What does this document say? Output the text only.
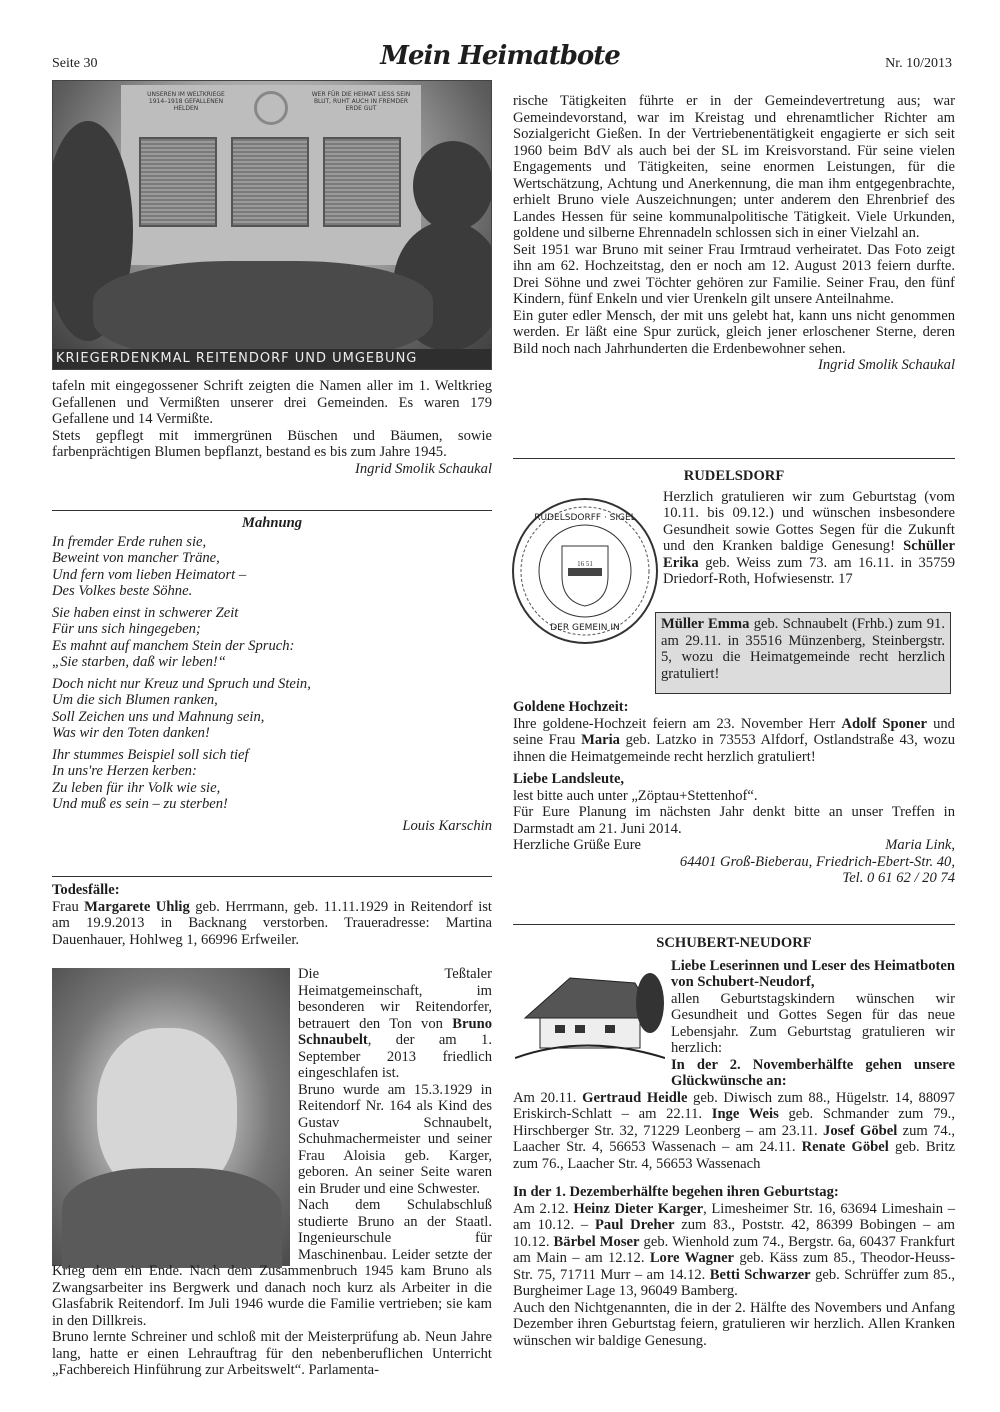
Seite 30	Mein Heimatbote	Nr. 10/2013
UNSEREN IM WELTKRIEGE 1914–1918 GEFALLENEN HELDEN
WER FÜR DIE HEIMAT LIESS SEIN BLUT, RUHT AUCH IN FREMDER ERDE GUT
KRIEGERDENKMAL REITENDORF UND UMGEBUNG

tafeln mit eingegossener Schrift zeigten die Namen aller im 1. Weltkrieg Gefallenen und Vermißten unserer drei Gemeinden. Es waren 179 Gefallene und 14 Vermißte.

Stets gepflegt mit immergrünen Büschen und Bäumen, sowie farbenprächtigen Blumen bepflanzt, bestand es bis zum Jahre 1945.

Ingrid Smolik Schaukal

Mahnung

In fremder Erde ruhen sie,
Beweint von mancher Träne,
Und fern vom lieben Heimatort –
Des Volkes beste Söhne.
Sie haben einst in schwerer Zeit
Für uns sich hingegeben;
Es mahnt auf manchem Stein der Spruch:
„Sie starben, daß wir leben!“
Doch nicht nur Kreuz und Spruch und Stein,
Um die sich Blumen ranken,
Soll Zeichen uns und Mahnung sein,
Was wir den Toten danken!
Ihr stummes Beispiel soll sich tief
In uns're Herzen kerben:
Zu leben für ihr Volk wie sie,
Und muß es sein – zu sterben!

Louis Karschin

Todesfälle:

Frau Margarete Uhlig geb. Herrmann, geb. 11.11.1929 in Reitendorf ist am 19.9.2013 in Backnang verstorben. Traueradresse: Martina Dauenhauer, Hohlweg 1, 66996 Erfweiler.

Die Teßtaler Heimatgemeinschaft, im besonderen wir Reitendorfer, betrauert den Ton von Bruno Schnaubelt, der am 1. September 2013 friedlich eingeschlafen ist.

Bruno wurde am 15.3.1929 in Reitendorf Nr. 164 als Kind des Gustav Schnaubelt, Schuhmachermeister und seiner Frau Aloisia geb. Karger, geboren. An seiner Seite waren ein Bruder und eine Schwester.

Nach dem Schulabschluß studierte Bruno an der Staatl. Ingenieurschule für Maschinenbau. Leider setzte der Krieg dem ein Ende. Nach dem Zusammenbruch 1945 kam Bruno als Zwangsarbeiter ins Bergwerk und danach noch kurz als Arbeiter in die Glasfabrik Reitendorf. Im Juli 1946 wurde die Familie vertrieben; sie kam in den Dillkreis.

Bruno lernte Schreiner und schloß mit der Meisterprüfung ab. Neun Jahre lang, hatte er einen Lehrauftrag für den nebenberuflichen Unterricht „Fachbereich Hinführung zur Arbeitswelt“. Parlamenta-

rische Tätigkeiten führte er in der Gemeindevertretung aus; war Gemeindevorstand, war im Kreistag und ehrenamtlicher Richter am Sozialgericht Gießen. In der Vertriebenentätigkeit engagierte er sich seit 1960 beim BdV als auch bei der SL im Kreisvorstand. Für seine vielen Engagements und Tätigkeiten, seine enormen Leistungen, für die Wertschätzung, Achtung und Anerkennung, die man ihm entgegenbrachte, erhielt Bruno viele Auszeichnungen; unter anderem den Ehrenbrief des Landes Hessen für seine kommunalpolitische Tätigkeit. Viele Urkunden, goldene und silberne Ehrennadeln schlossen sich in einer Vielzahl an.

Seit 1951 war Bruno mit seiner Frau Irmtraud verheiratet. Das Foto zeigt ihn am 62. Hochzeitstag, den er noch am 12. August 2013 feiern durfte. Drei Söhne und zwei Töchter gehören zur Familie. Seiner Frau, den fünf Kindern, fünf Enkeln und vier Urenkeln gilt unsere Anteilnahme.

Ein guter edler Mensch, der mit uns gelebt hat, kann uns nicht genommen werden. Er läßt eine Spur zurück, gleich jener erloschener Sterne, deren Bild noch nach Jahrhunderten die Erdenbewohner sehen.

Ingrid Smolik Schaukal

RUDELSDORF

Herzlich gratulieren wir zum Geburtstag (vom 10.11. bis 09.12.) und wünschen insbesondere Gesundheit sowie Gottes Segen für die Zukunft und den Kranken baldige Genesung! Schüller Erika geb. Weiss zum 73. am 16.11. in 35759 Driedorf-Roth, Hofwiesenstr. 17

16 51
RUDELSDORFF · SIGEL
DER GEMEIN IN	Müller Emma geb. Schnaubelt (Frhb.) zum 91. am 29.11. in 35516 Münzenberg, Steinbergstr. 5, wozu die Heimatgemeinde recht herzlich gratuliert!

Goldene Hochzeit:

Ihre goldene-Hochzeit feiern am 23. November Herr Adolf Sponer und seine Frau Maria geb. Latzko in 73553 Alfdorf, Ostlandstraße 43, wozu ihnen die Heimatgemeinde recht herzlich gratuliert!

Liebe Landsleute,

lest bitte auch unter „Zöptau+Stettenhof“.

Für Eure Planung im nächsten Jahr denkt bitte an unser Treffen in Darmstadt am 21. Juni 2014.

Herzliche Grüße Eure	Maria Link,

64401 Groß-Bieberau, Friedrich-Ebert-Str. 40,

Tel. 0 61 62 / 20 74

SCHUBERT-NEUDORF

Liebe Leserinnen und Leser des Heimatboten von Schubert-Neudorf,

allen Geburtstagskindern wünschen wir Gesundheit und Gottes Segen für das neue Lebensjahr. Zum Geburtstag gratulieren wir herzlich:

In der 2. Novemberhälfte gehen unsere Glückwünsche an:

Am 20.11. Gertraud Heidle geb. Diwisch zum 88., Hügelstr. 14, 88097 Eriskirch-Schlatt – am 22.11. Inge Weis geb. Schmander zum 79., Hirschberger Str. 32, 71229 Leonberg – am 23.11. Josef Göbel zum 74., Laacher Str. 4, 56653 Wassenach – am 24.11. Renate Göbel geb. Britz zum 76., Laacher Str. 4, 56653 Wassenach

In der 1. Dezemberhälfte begehen ihren Geburtstag:

Am 2.12. Heinz Dieter Karger, Limesheimer Str. 16, 63694 Limeshain – am 10.12. – Paul Dreher zum 83., Poststr. 42, 86399 Bobingen – am 10.12. Bärbel Moser geb. Wienhold zum 74., Bergstr. 6a, 60437 Frankfurt am Main – am 12.12. Lore Wagner geb. Käss zum 85., Theodor-Heuss-Str. 75, 71711 Murr – am 14.12. Betti Schwarzer geb. Schrüffer zum 85., Burgheimer Lage 13, 96049 Bamberg.

Auch den Nichtgenannten, die in der 2. Hälfte des Novembers und Anfang Dezember ihren Geburtstag feiern, gratulieren wir herzlich. Allen Kranken wünschen wir baldige Genesung.
